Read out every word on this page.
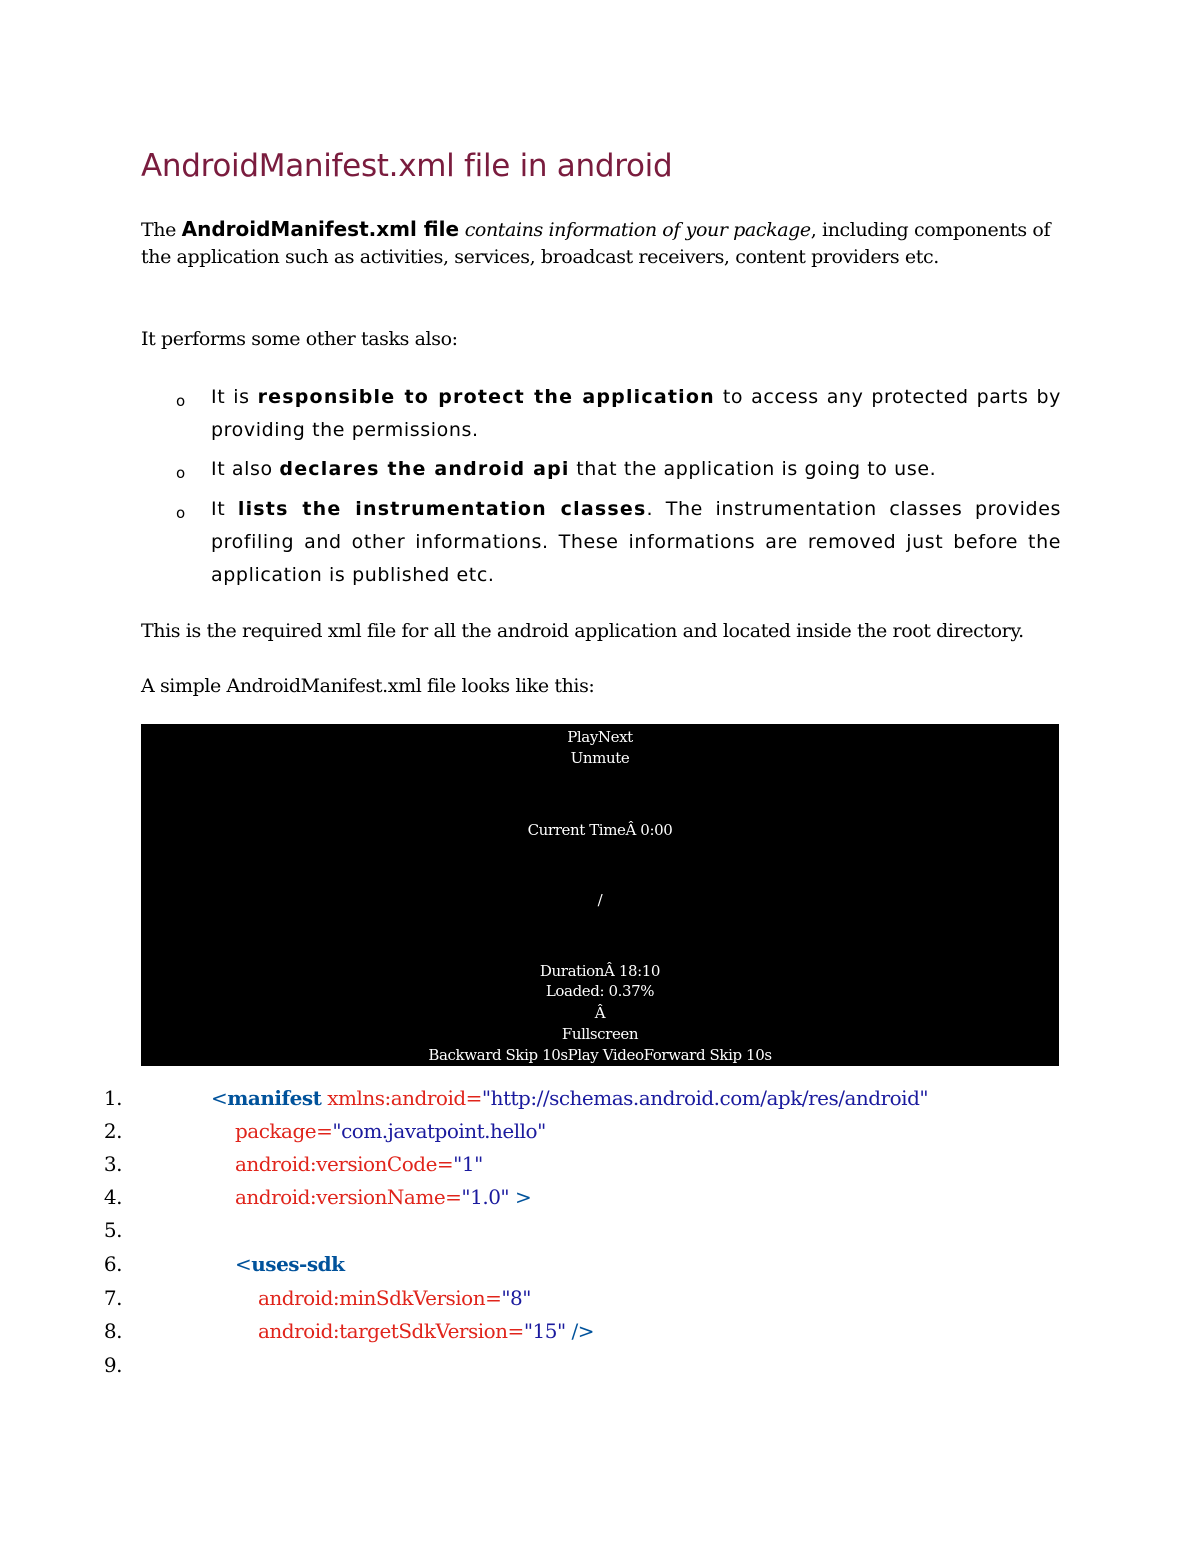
AndroidManifest.xml file in android

The AndroidManifest.xml file contains information of your package, including components of the application such as activities, services, broadcast receivers, content providers etc.

It performs some other tasks also:

o It is responsible to protect the application to access any protected parts by providing the permissions.
o It also declares the android api that the application is going to use.
o It lists the instrumentation classes. The instrumentation classes provides profiling and other informations. These informations are removed just before the application is published etc.

This is the required xml file for all the android application and located inside the root directory.

A simple AndroidManifest.xml file looks like this:

PlayNext
Unmute
Current TimeÂ 0:00
/
DurationÂ 18:10
Loaded: 0.37%
Â
Fullscreen
Backward Skip 10sPlay VideoForward Skip 10s
1.	<manifest xmlns:android="http://schemas.android.com/apk/res/android"
2.	package="com.javatpoint.hello"
3.	android:versionCode="1"
4.	android:versionName="1.0" >
5.
6.	<uses-sdk
7.	android:minSdkVersion="8"
8.	android:targetSdkVersion="15" />
9.
